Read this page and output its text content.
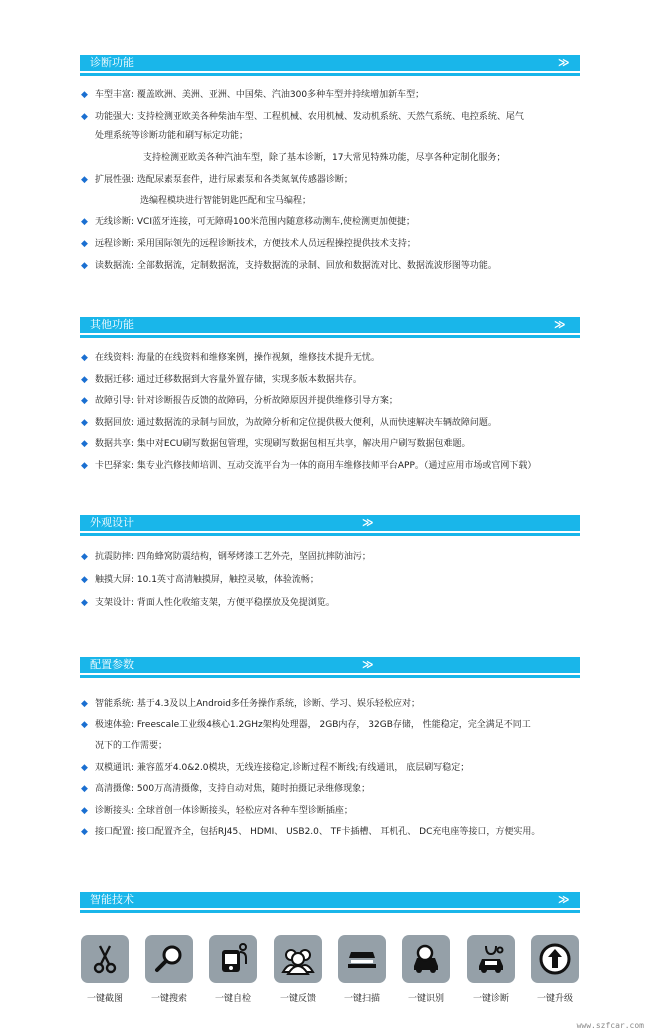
诊断功能	≫
◆ 车型丰富: 覆盖欧洲、美洲、亚洲、中国柴、汽油300多种车型并持续增加新车型；
◆ 功能强大: 支持检测亚欧美各种柴油车型、工程机械、农用机械、发动机系统、天然气系统、电控系统、尾气
处理系统等诊断功能和刷写标定功能；
支持检测亚欧美各种汽油车型，除了基本诊断，17大常见特殊功能，尽享各种定制化服务；
◆ 扩展性强: 选配尿素泵套件，进行尿素泵和各类氮氧传感器诊断；
选编程模块进行智能钥匙匹配和宝马编程；
◆ 无线诊断: VCI蓝牙连接，可无障碍100米范围内随意移动测车,使检测更加便捷；
◆ 远程诊断: 采用国际领先的远程诊断技术，方便技术人员远程操控提供技术支持；
◆ 读数据流: 全部数据流，定制数据流，支持数据流的录制、回放和数据流对比、数据流波形图等功能。
其他功能	≫
◆ 在线资料: 海量的在线资料和维修案例，操作视频，维修技术提升无忧。
◆ 数据迁移: 通过迁移数据到大容量外置存储，实现多版本数据共存。
◆ 故障引导: 针对诊断报告反馈的故障码，分析故障原因并提供维修引导方案；
◆ 数据回放: 通过数据流的录制与回放，为故障分析和定位提供极大便利，从而快速解决车辆故障问题。
◆ 数据共享: 集中对ECU刷写数据包管理，实现刷写数据包相互共享，解决用户刷写数据包难题。
◆ 卡巴驿家: 集专业汽修技师培训、互动交流平台为一体的商用车维修技师平台APP。（通过应用市场或官网下载）
外观设计	≫
◆ 抗震防摔: 四角蜂窝防震结构，钢琴烤漆工艺外壳，坚固抗摔防油污；
◆ 触摸大屏: 10.1英寸高清触摸屏，触控灵敏，体验流畅；
◆ 支架设计: 背面人性化收缩支架，方便平稳摆放及免提浏览。
配置参数	≫
◆ 智能系统: 基于4.3及以上Android多任务操作系统，诊断、学习、娱乐轻松应对；
◆ 极速体验: Freescale工业级4核心1.2GHz架构处理器， 2GB内存， 32GB存储， 性能稳定，完全满足不同工
况下的工作需要；
◆ 双模通讯: 兼容蓝牙4.0&2.0模块，无线连接稳定,诊断过程不断线;有线通讯， 底层刷写稳定；
◆ 高清摄像: 500万高清摄像，支持自动对焦，随时拍摄记录维修现象；
◆ 诊断接头: 全球首创一体诊断接头，轻松应对各种车型诊断插座；
◆ 接口配置: 接口配置齐全，包括RJ45、 HDMI、 USB2.0、 TF卡插槽、 耳机孔、 DC充电座等接口，方便实用。
智能技术	≫
一键截图	一键搜索	一键自检	一键反馈	一键扫描	一键识别	一键诊断	一键升级
www.szfcar.com
